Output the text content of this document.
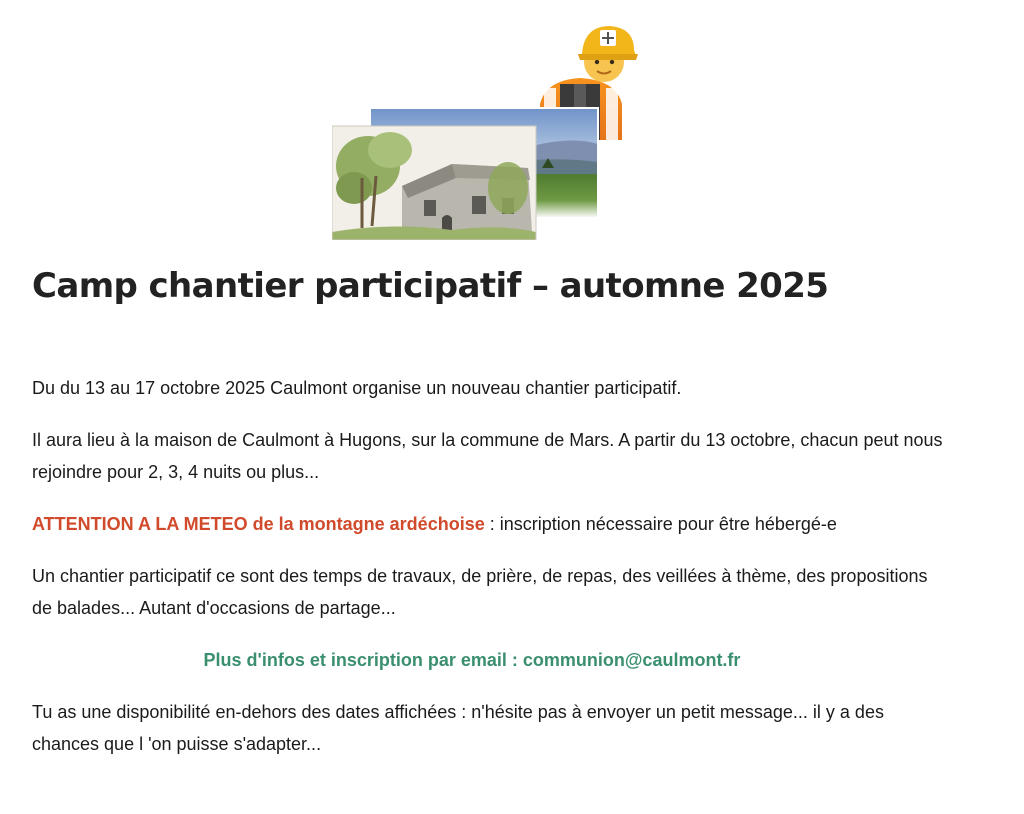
Camp chantier participatif – automne 2025

Du du 13 au 17 octobre 2025 Caulmont organise un nouveau chantier participatif.

Il aura lieu à la maison de Caulmont à Hugons, sur la commune de Mars. A partir du 13 octobre, chacun peut nous rejoindre pour 2, 3, 4 nuits ou plus...

ATTENTION A LA METEO de la montagne ardéchoise : inscription nécessaire pour être hébergé-e

Un chantier participatif ce sont des temps de travaux, de prière, de repas, des veillées à thème, des propositions de balades... Autant d'occasions de partage...

Plus d'infos et inscription par email : communion@caulmont.fr

Tu as une disponibilité en-dehors des dates affichées : n'hésite pas à envoyer un petit message... il y a des chances que l 'on puisse s'adapter...
